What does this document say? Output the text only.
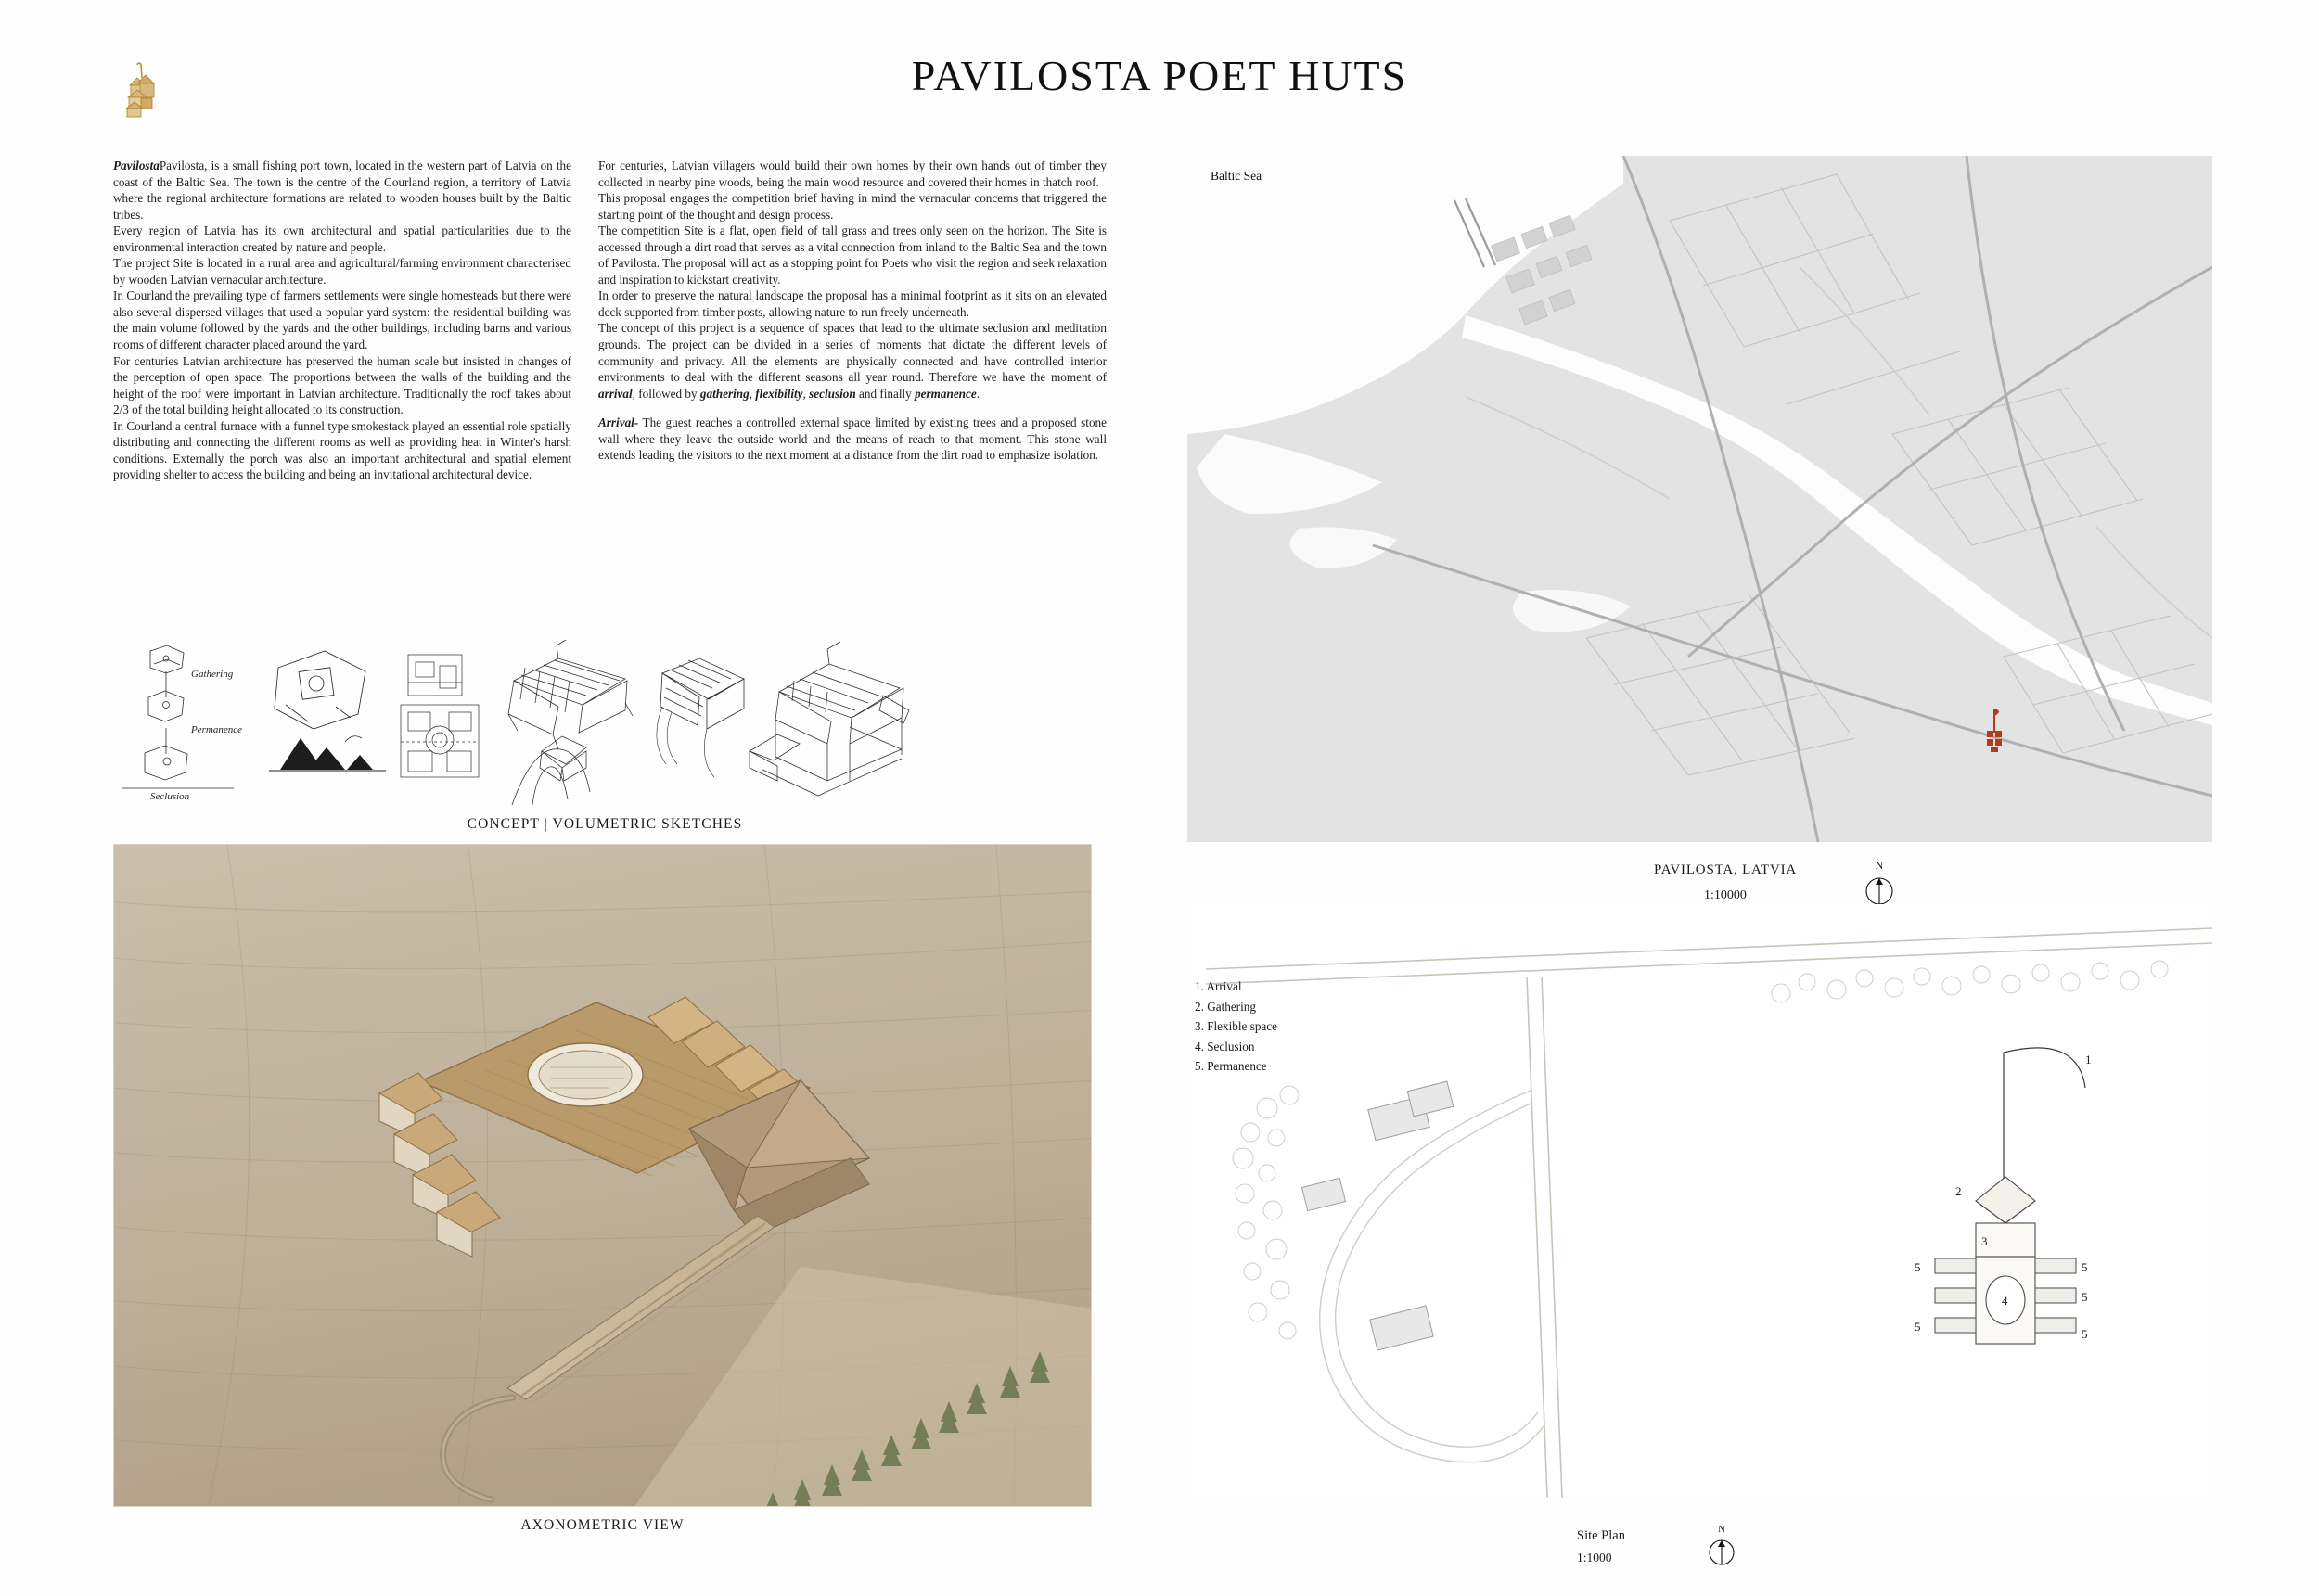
PAVILOSTA POET HUTS

PavilostaPavilosta, is a small fishing port town, located in the western part of Latvia on the coast of the Baltic Sea. The town is the centre of the Courland region, a territory of Latvia where the regional architecture formations are related to wooden houses built by the Baltic tribes.

Every region of Latvia has its own architectural and spatial particularities due to the environmental interaction created by nature and people.

The project Site is located in a rural area and agricultural/farming environment characterised by wooden Latvian vernacular architecture.

In Courland the prevailing type of farmers settlements were single homesteads but there were also several dispersed villages that used a popular yard system: the residential building was the main volume followed by the yards and the other buildings, including barns and various rooms of different character placed around the yard.

For centuries Latvian architecture has preserved the human scale but insisted in changes of the perception of open space. The proportions between the walls of the building and the height of the roof were important in Latvian architecture. Traditionally the roof takes about 2/3 of the total building height allocated to its construction.

In Courland a central furnace with a funnel type smokestack played an essential role spatially distributing and connecting the different rooms as well as providing heat in Winter's harsh conditions. Externally the porch was also an important architectural and spatial element providing shelter to access the building and being an invitational architectural device.

For centuries, Latvian villagers would build their own homes by their own hands out of timber they collected in nearby pine woods, being the main wood resource and covered their homes in thatch roof.

This proposal engages the competition brief having in mind the vernacular concerns that triggered the starting point of the thought and design process.

The competition Site is a flat, open field of tall grass and trees only seen on the horizon. The Site is accessed through a dirt road that serves as a vital connection from inland to the Baltic Sea and the town of Pavilosta. The proposal will act as a stopping point for Poets who visit the region and seek relaxation and inspiration to kickstart creativity.

In order to preserve the natural landscape the proposal has a minimal footprint as it sits on an elevated deck supported from timber posts, allowing nature to run freely underneath.

The concept of this project is a sequence of spaces that lead to the ultimate seclusion and meditation grounds. The project can be divided in a series of moments that dictate the different levels of community and privacy. All the elements are physically connected and have controlled interior environments to deal with the different seasons all year round. Therefore we have the moment of arrival, followed by gathering, flexibility, seclusion and finally permanence.

Arrival- The guest reaches a controlled external space limited by existing trees and a proposed stone wall where they leave the outside world and the means of reach to that moment. This stone wall extends leading the visitors to the next moment at a distance from the dirt road to emphasize isolation.

Gathering
Permanence
Seclusion
CONCEPT | VOLUMETRIC SKETCHES
AXONOMETRIC VIEW
Baltic Sea
PAVILOSTA, LATVIA
1:10000
N
1
2
3
4
5
5
5
5
5
1. Arrival
2. Gathering
3. Flexible space
4. Seclusion
5. Permanence
Site Plan
1:1000
N
